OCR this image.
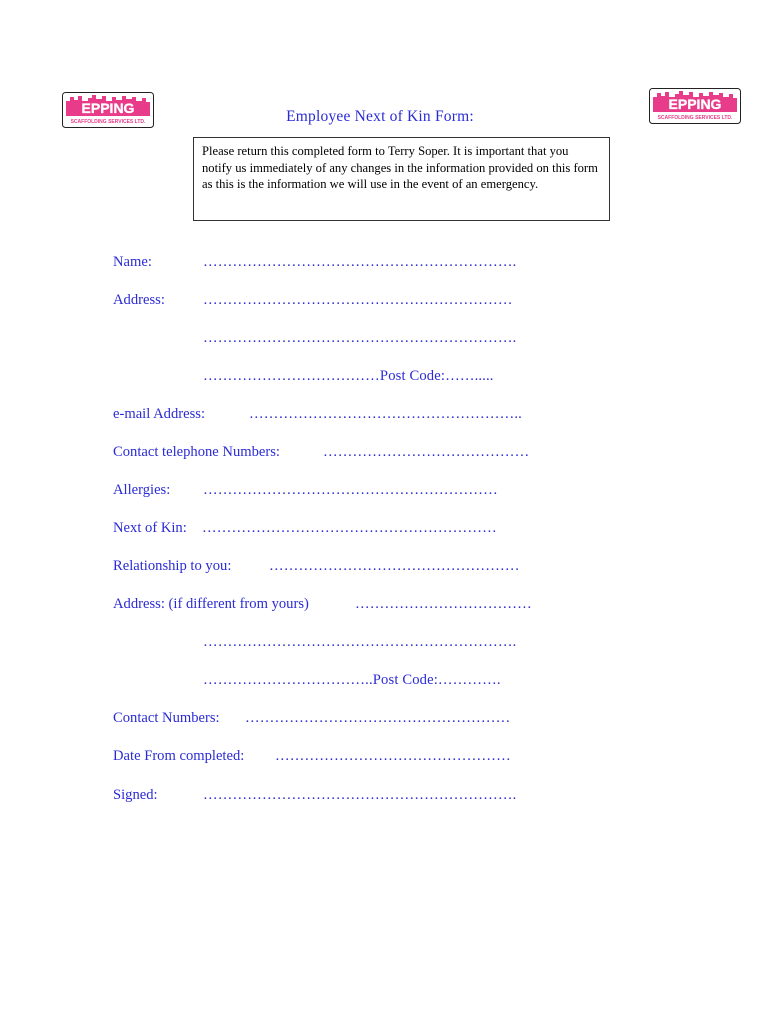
EPPING
SCAFFOLDING SERVICES LTD.
EPPING
SCAFFOLDING SERVICES LTD.
Employee Next of Kin Form:
Please return this completed form to Terry Soper. It is important that you notify us immediately of any changes in the information provided on this form as this is the information we will use in the event of an emergency.
Name:	……………………………………………………….
Address:	………………………………………………………
……………………………………………………….
………………………………Post Code:…….....
e-mail Address:	………………………………………………..
Contact telephone Numbers:	……………………………………
Allergies: ……………………………………………………
Next of Kin: ……………………………………………………
Relationship to you:	……………………………………………
Address: (if different from yours)	………………………………
……………………………………………………….
……………………………..Post Code:………….
Contact Numbers: ………………………………………………
Date From completed: …………………………………………
Signed:	……………………………………………………….
